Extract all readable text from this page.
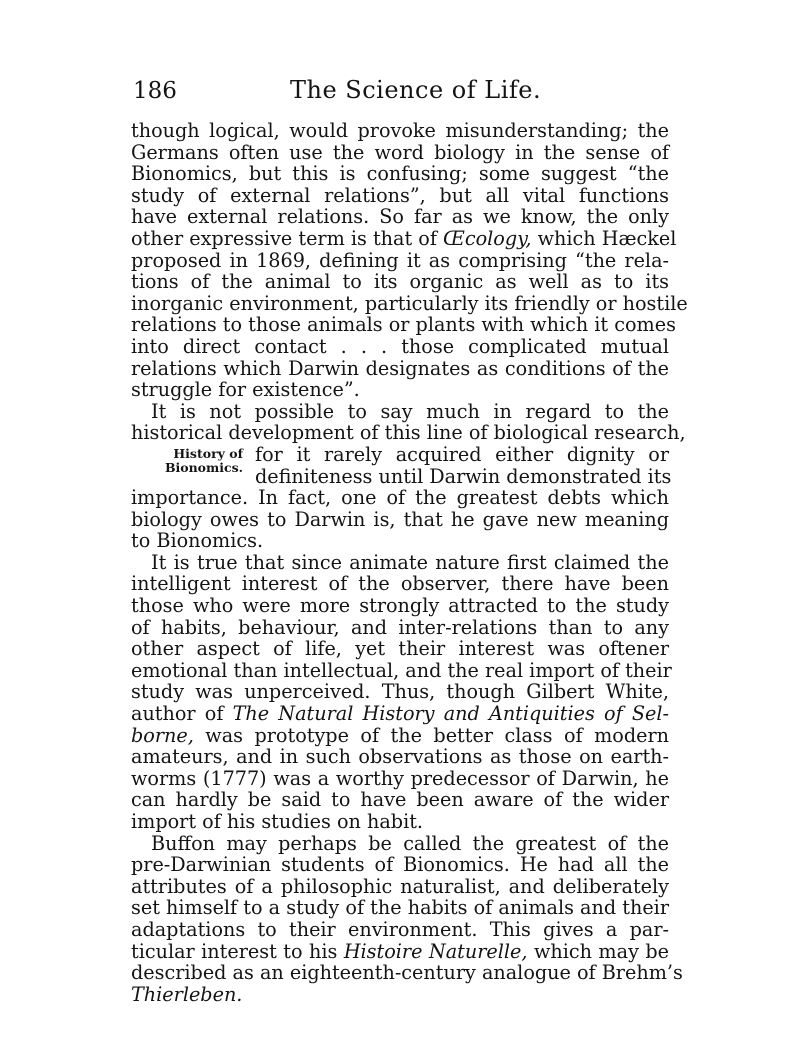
186	The Science of Life.
though logical, would provoke misunderstanding; the
Germans often use the word biology in the sense of
Bionomics, but this is confusing; some suggest “the
study of external relations”, but all vital functions
have external relations. So far as we know, the only
other expressive term is that of Œcology, which Hæckel
proposed in 1869, defining it as comprising “the rela-
tions of the animal to its organic as well as to its
inorganic environment, particularly its friendly or hostile
relations to those animals or plants with which it comes
into direct contact . . . those complicated mutual
relations which Darwin designates as conditions of the
struggle for existence”.
It is not possible to say much in regard to the
historical development of this line of biological research,
for it rarely acquired either dignity or
definiteness until Darwin demonstrated its
importance. In fact, one of the greatest debts which
biology owes to Darwin is, that he gave new meaning
to Bionomics.
It is true that since animate nature first claimed the
intelligent interest of the observer, there have been
those who were more strongly attracted to the study
of habits, behaviour, and inter-relations than to any
other aspect of life, yet their interest was oftener
emotional than intellectual, and the real import of their
study was unperceived. Thus, though Gilbert White,
author of The Natural History and Antiquities of Sel-
borne, was prototype of the better class of modern
amateurs, and in such observations as those on earth-
worms (1777) was a worthy predecessor of Darwin, he
can hardly be said to have been aware of the wider
import of his studies on habit.
Buffon may perhaps be called the greatest of the
pre-Darwinian students of Bionomics. He had all the
attributes of a philosophic naturalist, and deliberately
set himself to a study of the habits of animals and their
adaptations to their environment. This gives a par-
ticular interest to his Histoire Naturelle, which may be
described as an eighteenth-century analogue of Brehm’s
Thierleben.
History of
Bionomics.
